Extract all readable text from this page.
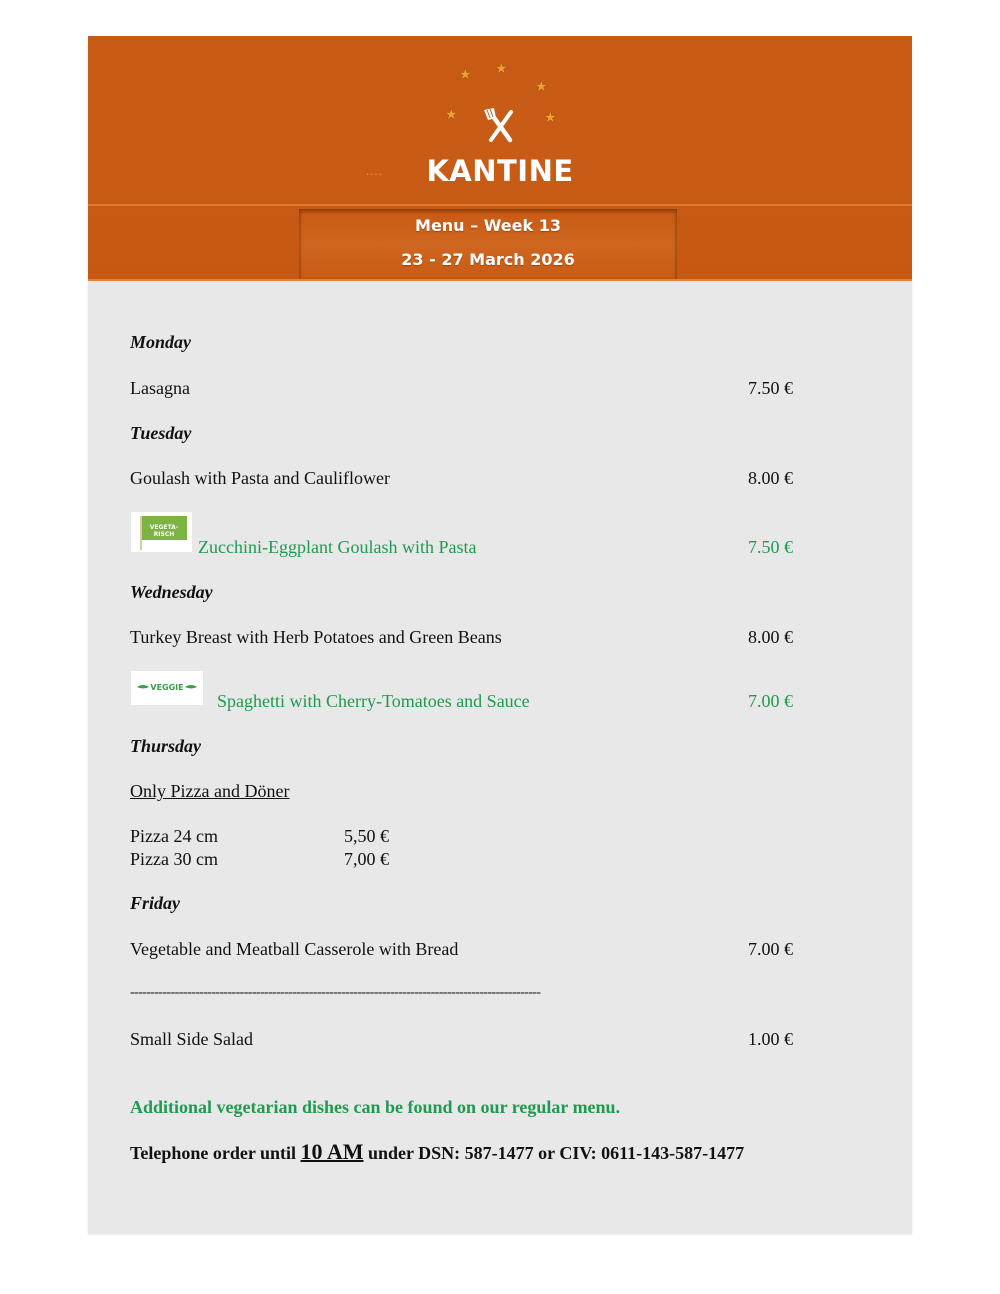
★ ★
★
★	★
....	KANTINE
Menu – Week 13
23 - 27 March 2026
Monday
Lasagna	7.50 €
Tuesday
Goulash with Pasta and Cauliflower	8.00 €
VEGETA-
RISCH
Zucchini-Eggplant Goulash with Pasta	7.50 €
Wednesday
Turkey Breast with Herb Potatoes and Green Beans	8.00 €
VEGGIE
Spaghetti with Cherry-Tomatoes and Sauce	7.00 €
Thursday
Only Pizza and Döner
Pizza 24 cm	5,50 €
Pizza 30 cm	7,00 €
Friday
Vegetable and Meatball Casserole with Bread	7.00 €
-----------------------------------------------------------------------------------------------------
Small Side Salad	1.00 €
Additional vegetarian dishes can be found on our regular menu.
Telephone order until 10 AM under DSN: 587-1477 or CIV: 0611-143-587-1477
